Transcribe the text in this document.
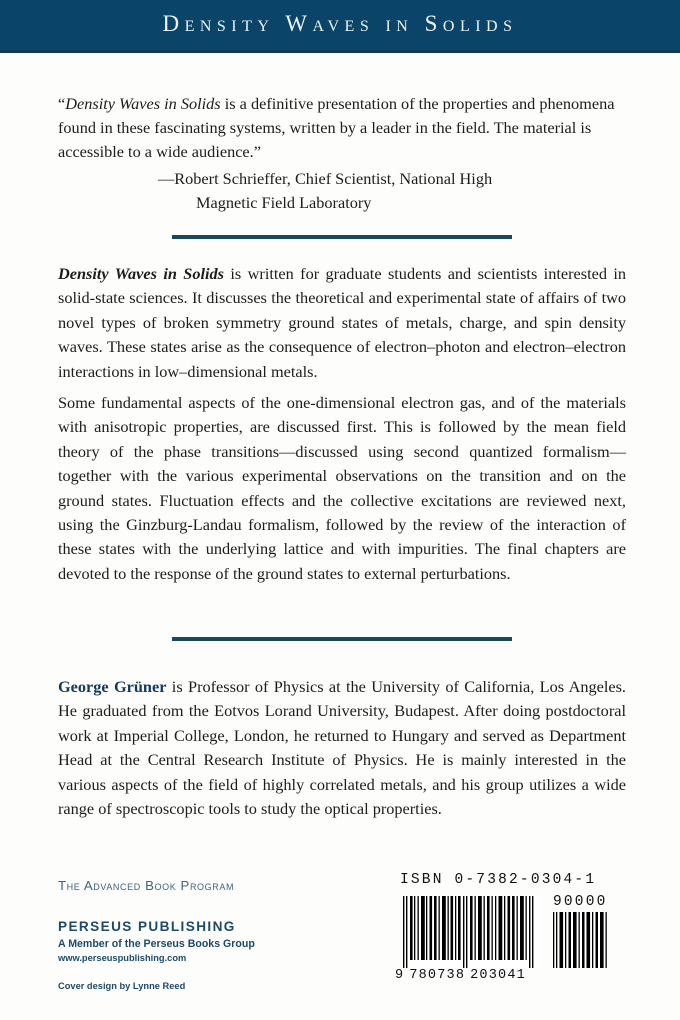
Density Waves in Solids
“Density Waves in Solids is a definitive presentation of the properties and phenomena found in these fascinating systems, written by a leader in the field. The material is accessible to a wide audience.”
—Robert Schrieffer, Chief Scientist, National High
Magnetic Field Laboratory

Density Waves in Solids is written for graduate students and scientists interested in solid-state sciences. It discusses the theoretical and experimental state of affairs of two novel types of broken symmetry ground states of metals, charge, and spin density waves. These states arise as the consequence of electron–photon and electron–electron interactions in low–dimensional metals.

Some fundamental aspects of the one-dimensional electron gas, and of the materials with anisotropic properties, are discussed first. This is followed by the mean field theory of the phase transitions—discussed using second quantized formalism—together with the various experimental observations on the transition and on the ground states. Fluctuation effects and the collective excitations are reviewed next, using the Ginzburg-Landau formalism, followed by the review of the interaction of these states with the underlying lattice and with impurities. The final chapters are devoted to the response of the ground states to external perturbations.

George Grüner is Professor of Physics at the University of California, Los Angeles. He graduated from the Eotvos Lorand University, Budapest. After doing postdoctoral work at Imperial College, London, he returned to Hungary and served as Department Head at the Central Research Institute of Physics. He is mainly interested in the various aspects of the field of highly correlated metals, and his group utilizes a wide range of spectroscopic tools to study the optical properties.

The Advanced Book Program

PERSEUS PUBLISHING

A Member of the Perseus Books Group

www.perseuspublishing.com

Cover design by Lynne Reed

ISBN 0-7382-0304-1
90000
9 780738 203041
